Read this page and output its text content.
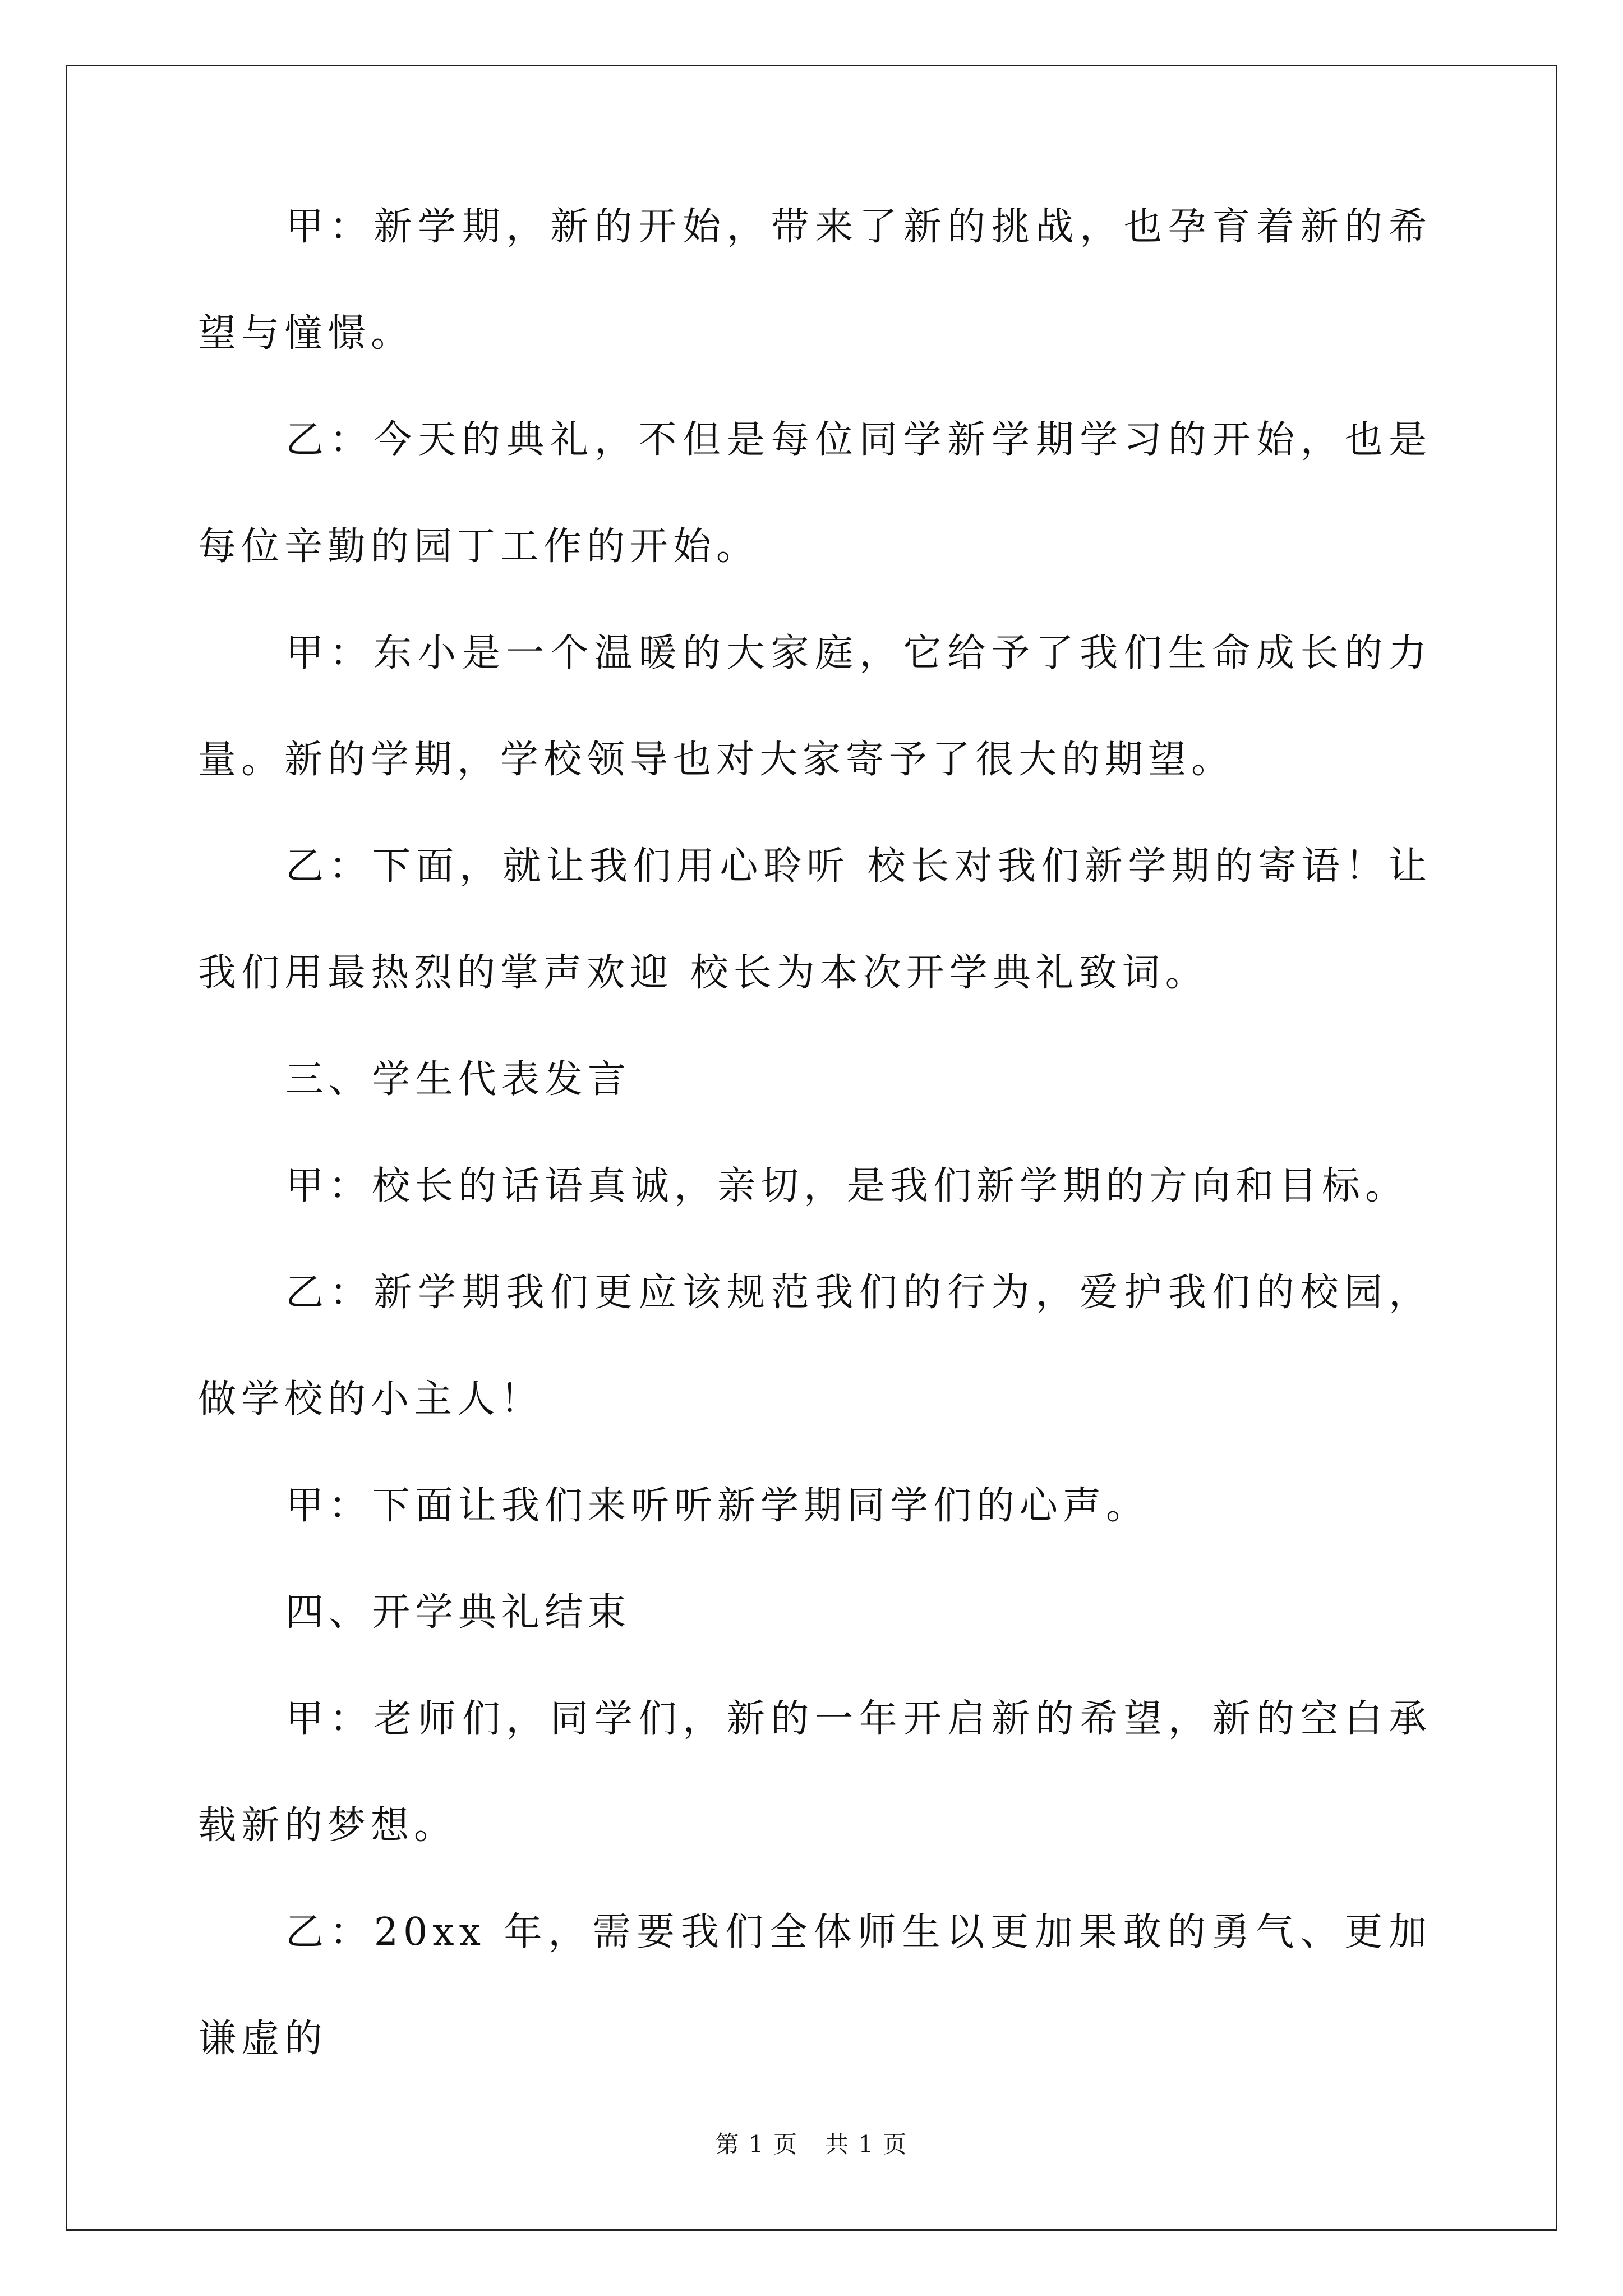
甲：新学期，新的开始，带来了新的挑战，也孕育着新的希望与憧憬。

乙：今天的典礼，不但是每位同学新学期学习的开始，也是每位辛勤的园丁工作的开始。

甲：东小是一个温暖的大家庭，它给予了我们生命成长的力量。新的学期，学校领导也对大家寄予了很大的期望。

乙：下面，就让我们用心聆听 校长对我们新学期的寄语！让我们用最热烈的掌声欢迎 校长为本次开学典礼致词。

三、学生代表发言

甲：校长的话语真诚，亲切，是我们新学期的方向和目标。

乙：新学期我们更应该规范我们的行为，爱护我们的校园，做学校的小主人！

甲：下面让我们来听听新学期同学们的心声。

四、开学典礼结束

甲：老师们，同学们，新的一年开启新的希望，新的空白承载新的梦想。

乙：20xx 年，需要我们全体师生以更加果敢的勇气、更加谦虚的

第 1 页 共 1 页
